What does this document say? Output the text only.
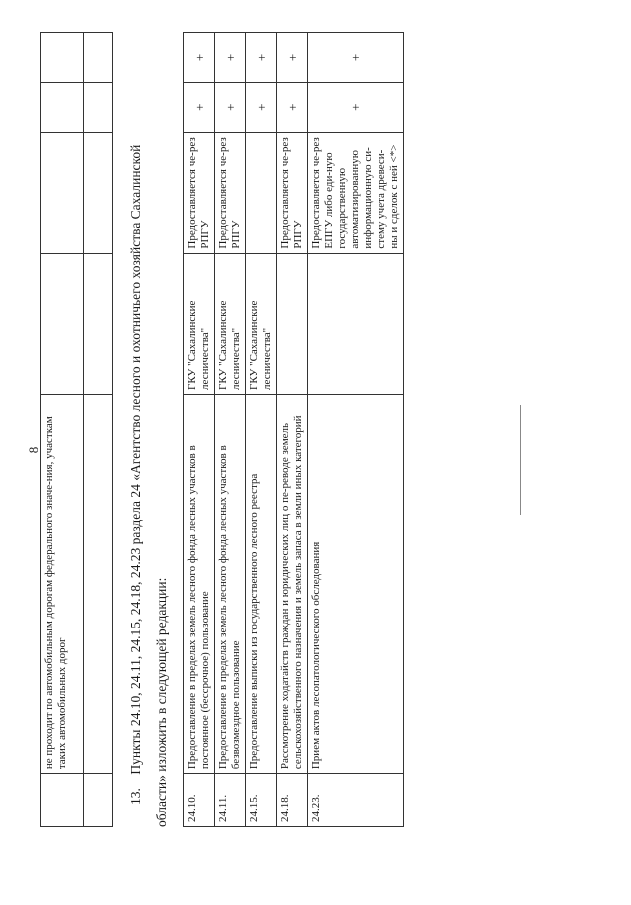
8
	не проходит по автомобильным дорогам федерального значе-ния, участкам таких автомобильных дорог				

13.    Пункты 24.10, 24.11, 24.15, 24.18, 24.23 раздела 24 «Агентство лесного и охотничьего хозяйства Сахалинской области» изложить в следующей редакции: 24.10.	Предоставление в пределах земель лесного фонда лесных участков в постоянное (бессрочное) пользование	ГКУ "Сахалинские лесничества"	Предоставляется че-рез РПГУ	+	+
24.11.	Предоставление в пределах земель лесного фонда лесных участков в безвозмездное пользование	ГКУ "Сахалинские лесничества"	Предоставляется че-рез РПГУ	+	+
24.15.	Предоставление выписки из государственного лесного реестра	ГКУ "Сахалинские лесничества"		+	+
24.18.	Рассмотрение ходатайств граждан и юридических лиц о пе-реводе земель сельскохозяйственного назначения и земель запаса в земли иных категорий		Предоставляется че-рез РПГУ	+	+
24.23.	Прием актов лесопатологического обследования		Предоставляется че-рез ЕПГУ либо еди-ную государственную автоматизированную информационную си-стему учета древеси-ны и сделок с ней <*>	+	+
